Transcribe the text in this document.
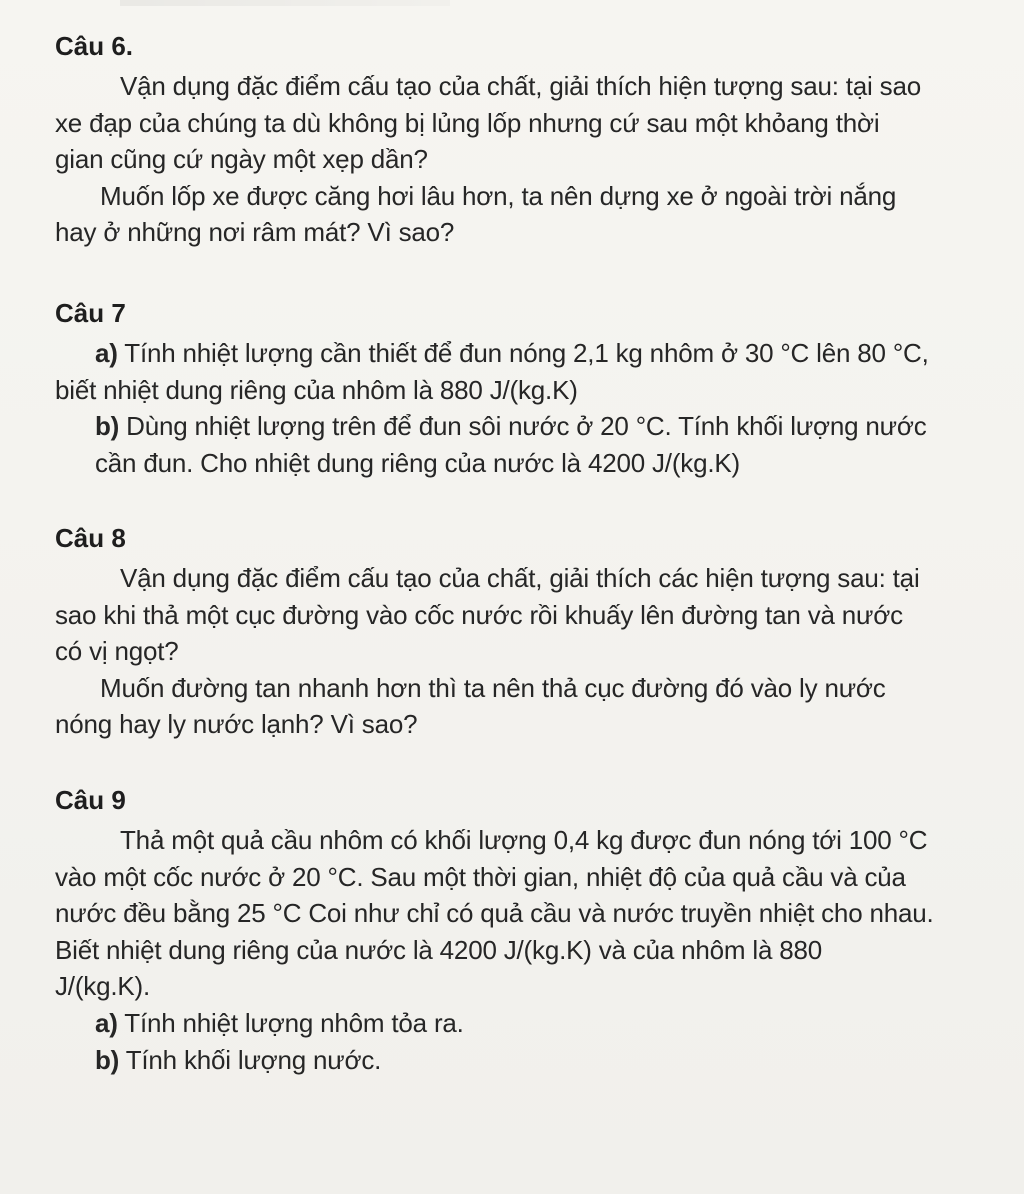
Câu 6.
Vận dụng đặc điểm cấu tạo của chất, giải thích hiện tượng sau: tại sao
xe đạp của chúng ta dù không bị lủng lốp nhưng cứ sau một khỏang thời
gian cũng cứ ngày một xẹp dần?
Muốn lốp xe được căng hơi lâu hơn, ta nên dựng xe ở ngoài trời nắng
hay ở những nơi râm mát? Vì sao?
Câu 7
a) Tính nhiệt lượng cần thiết để đun nóng 2,1 kg nhôm ở 30 °C lên 80 °C,
biết nhiệt dung riêng của nhôm là 880 J/(kg.K)
b) Dùng nhiệt lượng trên để đun sôi nước ở 20 °C. Tính khối lượng nước
cần đun. Cho nhiệt dung riêng của nước là 4200 J/(kg.K)
Câu 8
Vận dụng đặc điểm cấu tạo của chất, giải thích các hiện tượng sau: tại
sao khi thả một cục đường vào cốc nước rồi khuấy lên đường tan và nước
có vị ngọt?
Muốn đường tan nhanh hơn thì ta nên thả cục đường đó vào ly nước
nóng hay ly nước lạnh? Vì sao?
Câu 9
Thả một quả cầu nhôm có khối lượng 0,4 kg được đun nóng tới 100 °C
vào một cốc nước ở 20 °C. Sau một thời gian, nhiệt độ của quả cầu và của
nước đều bằng 25 °C Coi như chỉ có quả cầu và nước truyền nhiệt cho nhau.
Biết nhiệt dung riêng của nước là 4200 J/(kg.K) và của nhôm là 880
J/(kg.K).
a) Tính nhiệt lượng nhôm tỏa ra.
b) Tính khối lượng nước.
